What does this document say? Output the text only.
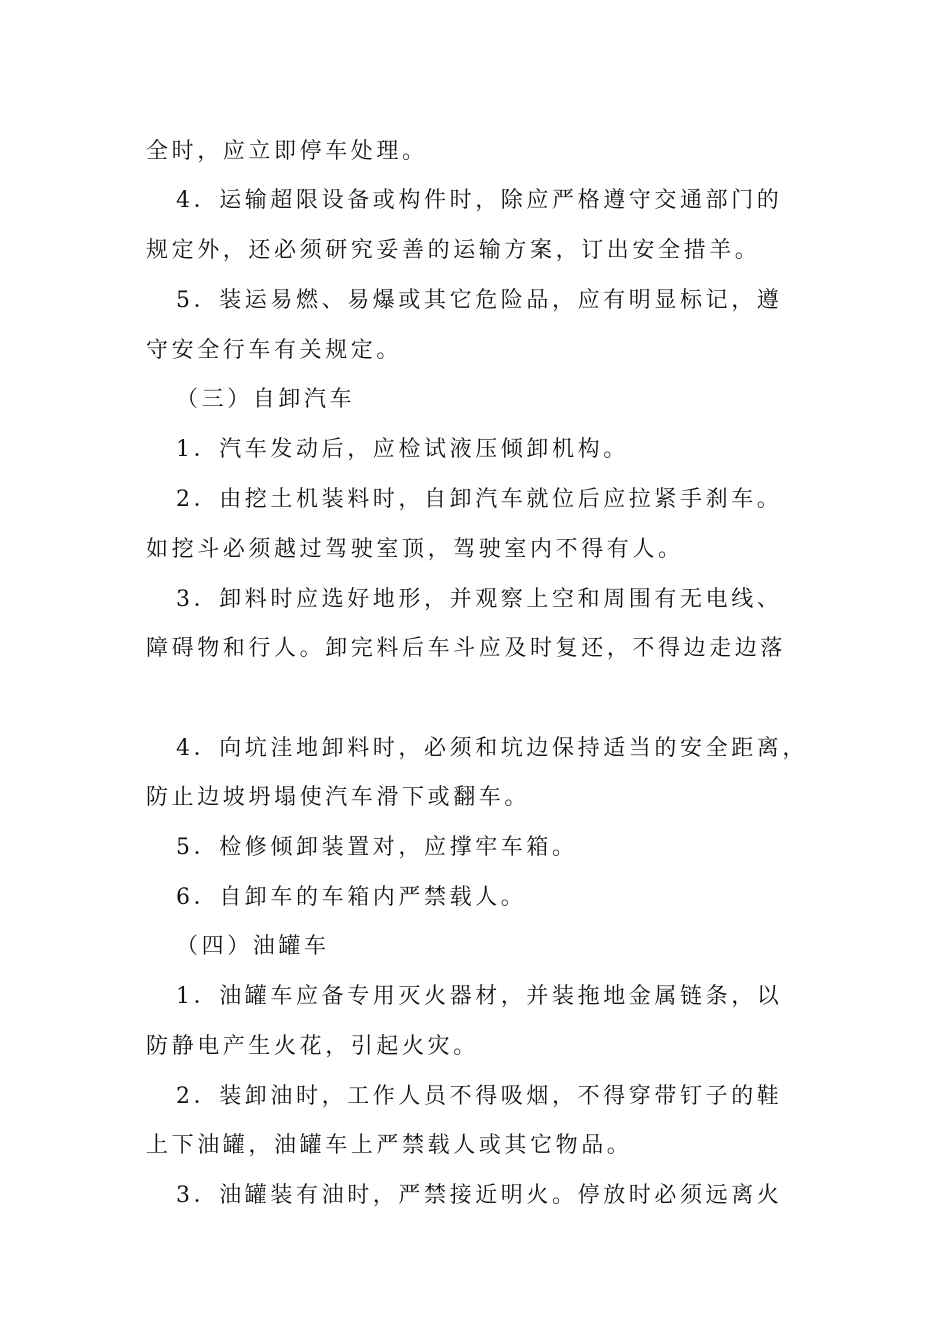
全时，应立即停车处理。
4．运输超限设备或构件时，除应严格遵守交通部门的
规定外，还必须研究妥善的运输方案，订出安全措羊。
5．装运易燃、易爆或其它危险品，应有明显标记，遵
守安全行车有关规定。
（三）自卸汽车
1．汽车发动后，应检试液压倾卸机构。
2．由挖土机装料时，自卸汽车就位后应拉紧手刹车。
如挖斗必须越过驾驶室顶，驾驶室内不得有人。
3．卸料时应选好地形，并观察上空和周围有无电线、
障碍物和行人。卸完料后车斗应及时复还，不得边走边落
4．向坑洼地卸料时，必须和坑边保持适当的安全距离，
防止边坡坍塌使汽车滑下或翻车。
5．检修倾卸装置对，应撑牢车箱。
6．自卸车的车箱内严禁载人。
（四）油罐车
1．油罐车应备专用灭火器材，并装拖地金属链条，以
防静电产生火花，引起火灾。
2．装卸油时，工作人员不得吸烟，不得穿带钉子的鞋
上下油罐，油罐车上严禁载人或其它物品。
3．油罐装有油时，严禁接近明火。停放时必须远离火
